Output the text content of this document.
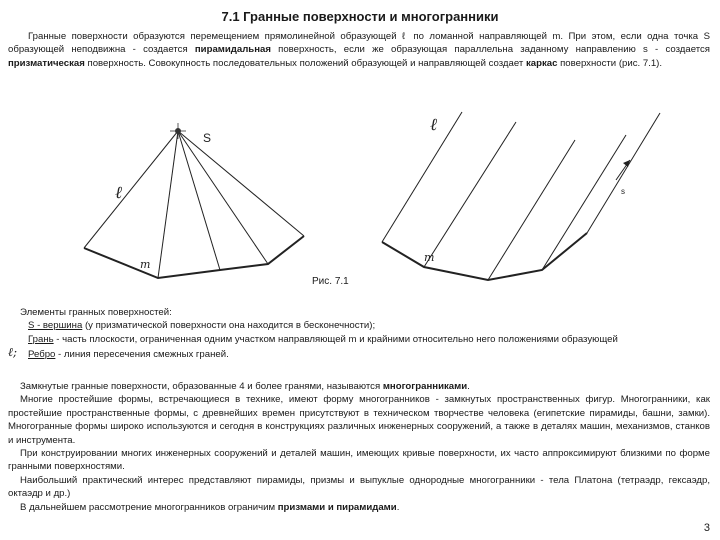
7.1 Гранные поверхности и многогранники
Гранные поверхности образуются перемещением прямолинейной образующей ℓ по ломанной направляющей m. При этом, если одна точка S образующей неподвижна - создается пирамидальная поверхность, если же образующая параллельна заданному направлению s - создается призматическая поверхность. Совокупность последовательных положений образующей и направляющей создает каркас поверхности (рис. 7.1).
S
ℓ
ℓ
m
m
s
Рис. 7.1
Элементы гранных поверхностей:
S - вершина (у призматической поверхности она находится в бесконечности);
Грань - часть плоскости, ограниченная одним участком направляющей m и крайними относительно него положениями образующей
ℓ;	Ребро - линия пересечения смежных граней.

Замкнутые гранные поверхности, образованные 4 и более гранями, называются многогранниками.

Многие простейшие формы, встречающиеся в технике, имеют форму многогранников - замкнутых пространственных фигур. Многогранники, как простейшие пространственные формы, с древнейших времен присутствуют в техническом творчестве человека (египетские пирамиды, башни, замки). Многогранные формы широко используются и сегодня в конструкциях различных инженерных сооружений, а также в деталях машин, механизмов, станков и инструмента.

При конструировании многих инженерных сооружений и деталей машин, имеющих кривые поверхности, их часто аппроксимируют близкими по форме гранными поверхностями.

Наибольший практический интерес представляют пирамиды, призмы и выпуклые однородные многогранники - тела Платона (тетраэдр, гексаэдр, октаэдр и др.)

В дальнейшем рассмотрение многогранников ограничим призмами и пирамидами.

3
